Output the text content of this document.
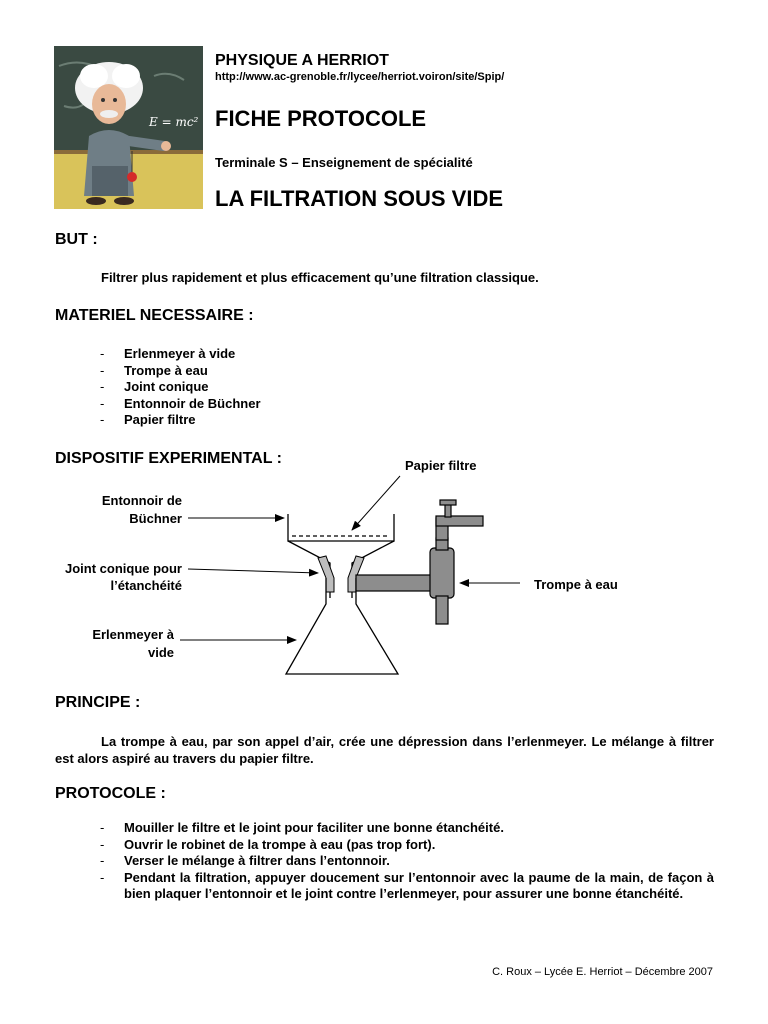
E = mc²
PHYSIQUE A HERRIOT
http://www.ac-grenoble.fr/lycee/herriot.voiron/site/Spip/
FICHE PROTOCOLE
Terminale S – Enseignement de spécialité
LA FILTRATION SOUS VIDE
BUT :
Filtrer plus rapidement et plus efficacement qu’une filtration classique.
MATERIEL NECESSAIRE :
- Erlenmeyer à vide
- Trompe à eau
- Joint conique
- Entonnoir de Büchner
- Papier filtre
DISPOSITIF EXPERIMENTAL :	Papier filtre
Entonnoir de
Büchner
Joint conique pour
l’étanchéité
Erlenmeyer à
vide
Trompe à eau
PRINCIPE :
La trompe à eau, par son appel d’air, crée une dépression dans l’erlenmeyer. Le mélange à filtrer est alors aspiré au travers du papier filtre.
PROTOCOLE :
- Mouiller le filtre et le joint pour faciliter une bonne étanchéité.
- Ouvrir le robinet de la trompe à eau (pas trop fort).
- Verser le mélange à filtrer dans l’entonnoir.
- Pendant la filtration, appuyer doucement sur l’entonnoir avec la paume de la main, de façon à bien plaquer l’entonnoir et le joint contre l’erlenmeyer, pour assurer une bonne étanchéité.
C. Roux – Lycée E. Herriot – Décembre 2007
